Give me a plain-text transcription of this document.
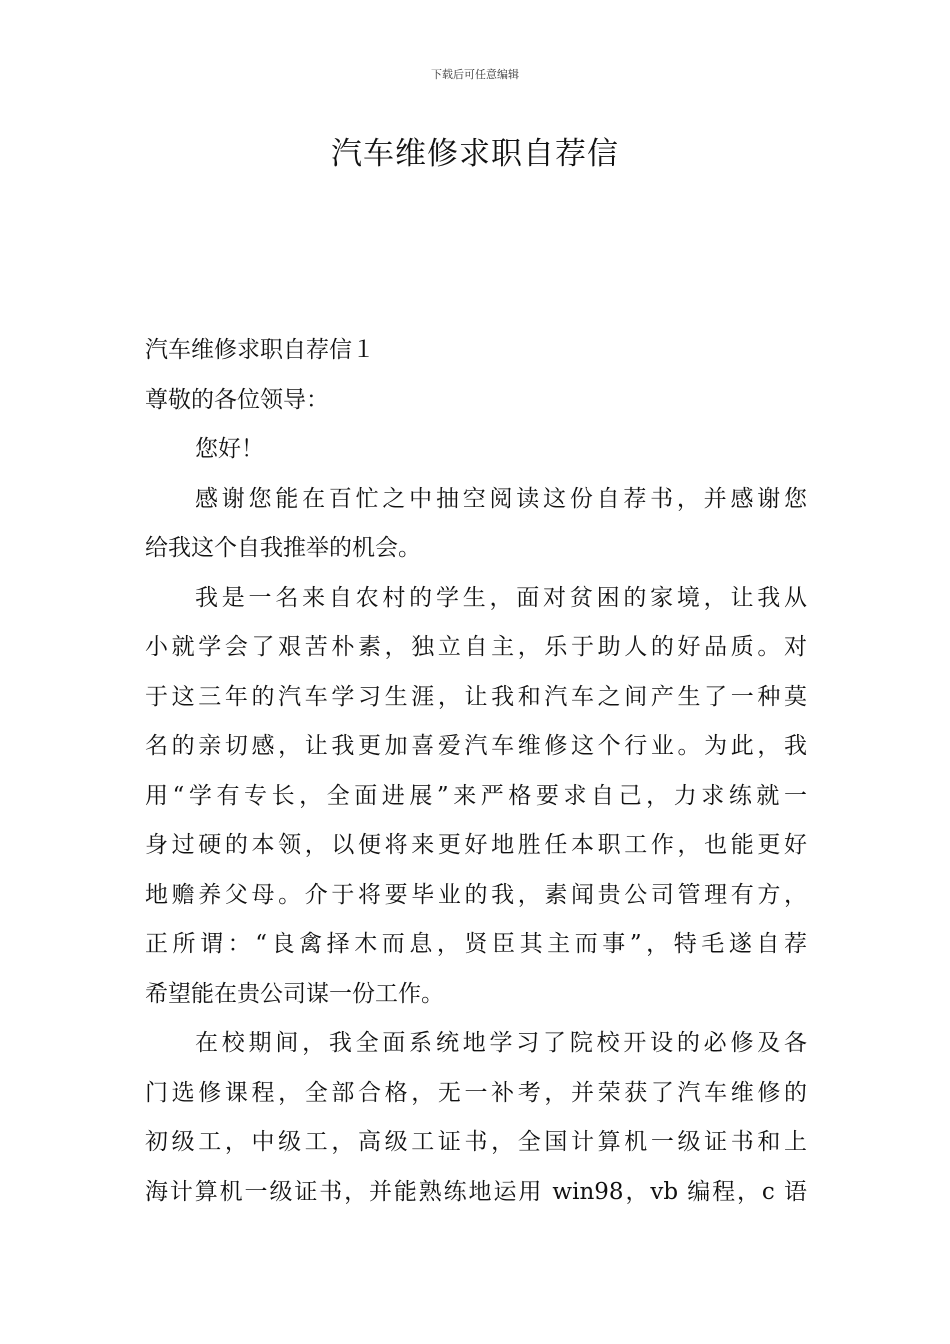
下载后可任意编辑
汽车维修求职自荐信
汽车维修求职自荐信１
尊敬的各位领导：
您好！
感谢您能在百忙之中抽空阅读这份自荐书，并感谢您
给我这个自我推举的机会。
我是一名来自农村的学生，面对贫困的家境，让我从
小就学会了艰苦朴素，独立自主，乐于助人的好品质。对
于这三年的汽车学习生涯，让我和汽车之间产生了一种莫
名的亲切感，让我更加喜爱汽车维修这个行业。为此，我
用“学有专长，全面进展”来严格要求自己，力求练就一
身过硬的本领，以便将来更好地胜任本职工作，也能更好
地赡养父母。介于将要毕业的我，素闻贵公司管理有方，
正所谓：“良禽择木而息，贤臣其主而事”，特毛遂自荐
希望能在贵公司谋一份工作。
在校期间，我全面系统地学习了院校开设的必修及各
门选修课程，全部合格，无一补考，并荣获了汽车维修的
初级工，中级工，高级工证书，全国计算机一级证书和上
海计算机一级证书，并能熟练地运用 win98，vb 编程，c 语
